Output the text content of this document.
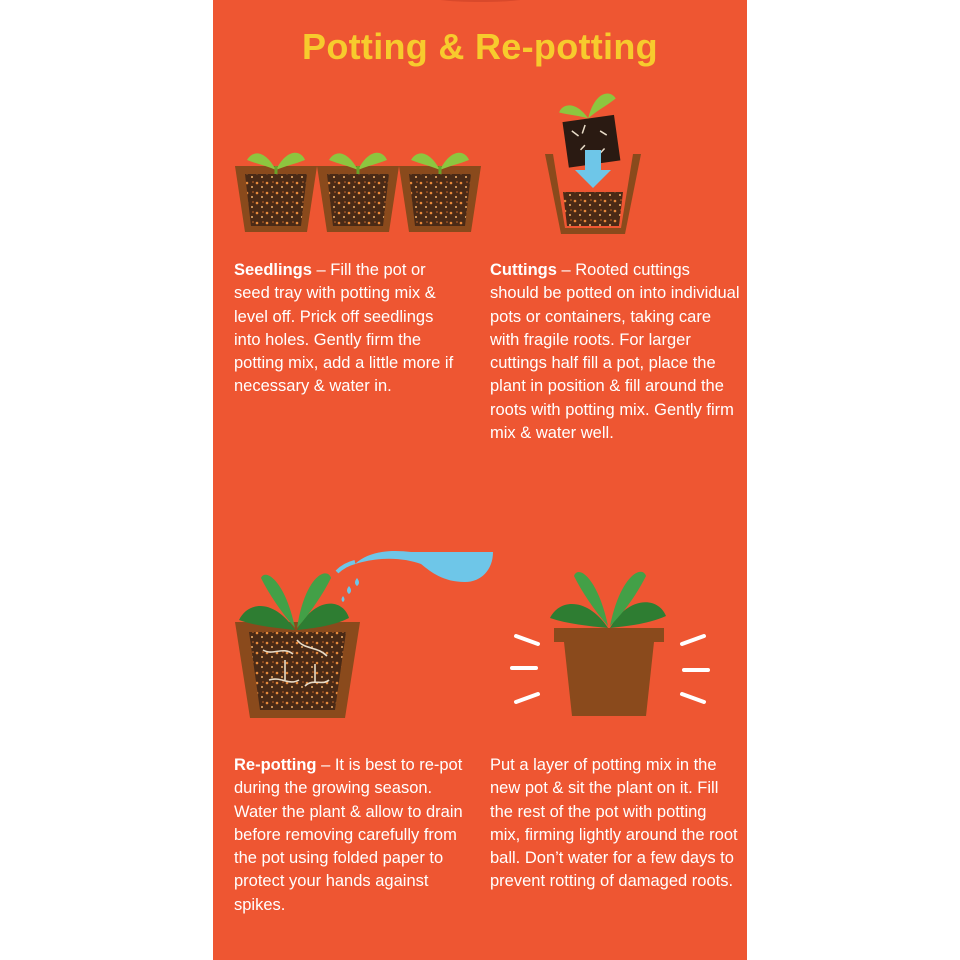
Potting & Re-potting

Seedlings – Fill the pot or seed tray with potting mix & level off. Prick off seedlings into holes. Gently firm the potting mix, add a little more if necessary & water in.

Cuttings – Rooted cuttings should be potted on into individual pots or containers, taking care with fragile roots. For larger cuttings half fill a pot, place the plant in position & fill around the roots with potting mix. Gently firm mix & water well.

Re-potting – It is best to re-pot during the growing season. Water the plant & allow to drain before removing carefully from the pot using folded paper to protect your hands against spikes.

Put a layer of potting mix in the new pot & sit the plant on it. Fill the rest of the pot with potting mix, firming lightly around the root ball. Don’t water for a few days to prevent rotting of damaged roots.
